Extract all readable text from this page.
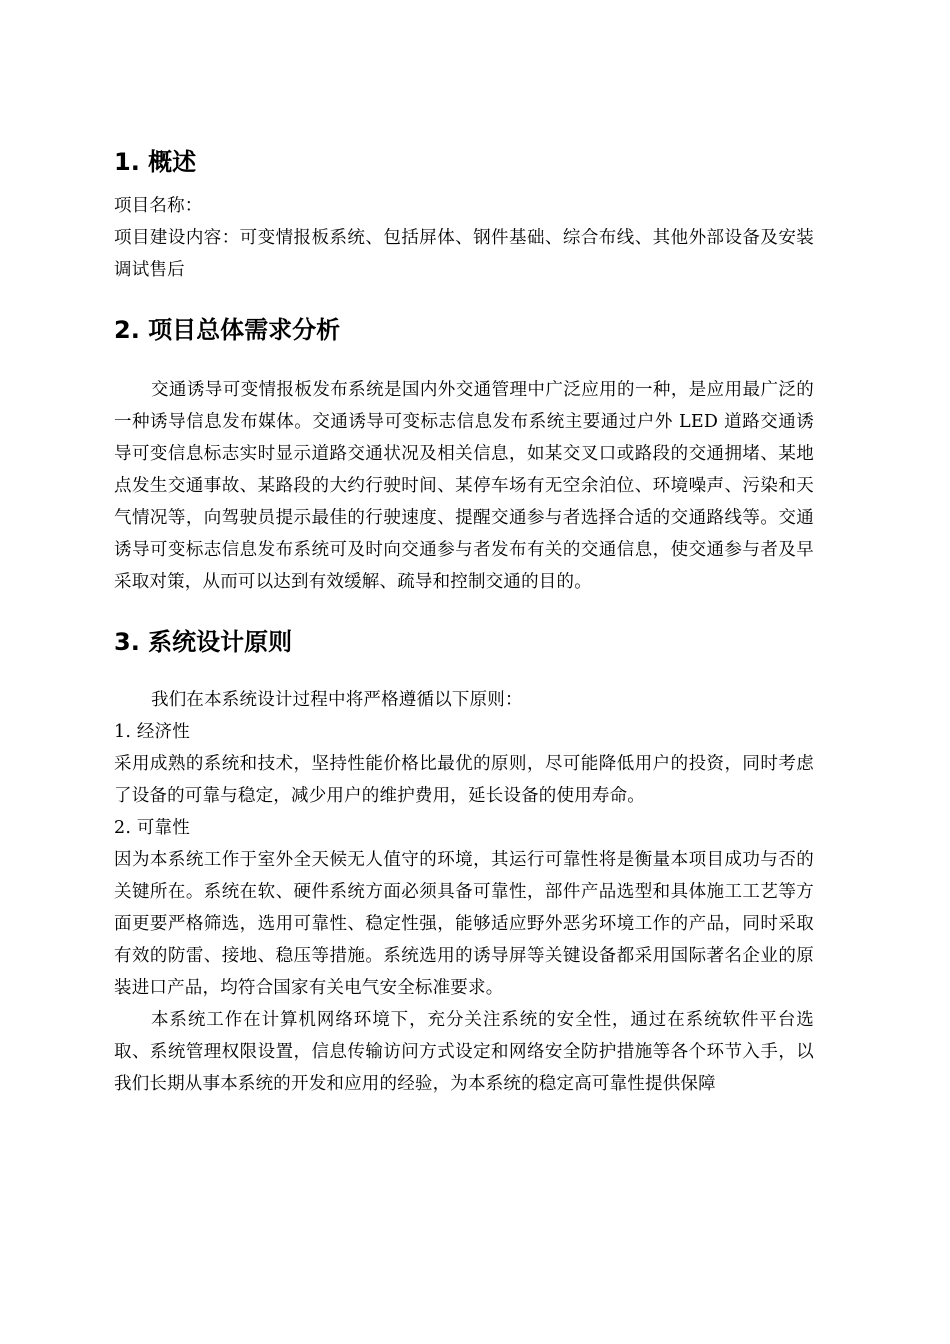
1. 概述

项目名称：

项目建设内容：可变情报板系统、包括屏体、钢件基础、综合布线、其他外部设备及安装调试售后

2. 项目总体需求分析

交通诱导可变情报板发布系统是国内外交通管理中广泛应用的一种，是应用最广泛的一种诱导信息发布媒体。交通诱导可变标志信息发布系统主要通过户外 LED 道路交通诱导可变信息标志实时显示道路交通状况及相关信息，如某交叉口或路段的交通拥堵、某地点发生交通事故、某路段的大约行驶时间、某停车场有无空余泊位、环境噪声、污染和天气情况等，向驾驶员提示最佳的行驶速度、提醒交通参与者选择合适的交通路线等。交通诱导可变标志信息发布系统可及时向交通参与者发布有关的交通信息，使交通参与者及早采取对策，从而可以达到有效缓解、疏导和控制交通的目的。

3. 系统设计原则

我们在本系统设计过程中将严格遵循以下原则：

1. 经济性

采用成熟的系统和技术，坚持性能价格比最优的原则，尽可能降低用户的投资，同时考虑了设备的可靠与稳定，减少用户的维护费用，延长设备的使用寿命。

2. 可靠性

因为本系统工作于室外全天候无人值守的环境，其运行可靠性将是衡量本项目成功与否的关键所在。系统在软、硬件系统方面必须具备可靠性，部件产品选型和具体施工工艺等方面更要严格筛选，选用可靠性、稳定性强，能够适应野外恶劣环境工作的产品，同时采取有效的防雷、接地、稳压等措施。系统选用的诱导屏等关键设备都采用国际著名企业的原装进口产品，均符合国家有关电气安全标准要求。

本系统工作在计算机网络环境下，充分关注系统的安全性，通过在系统软件平台选取、系统管理权限设置，信息传输访问方式设定和网络安全防护措施等各个环节入手，以我们长期从事本系统的开发和应用的经验，为本系统的稳定高可靠性提供保障
